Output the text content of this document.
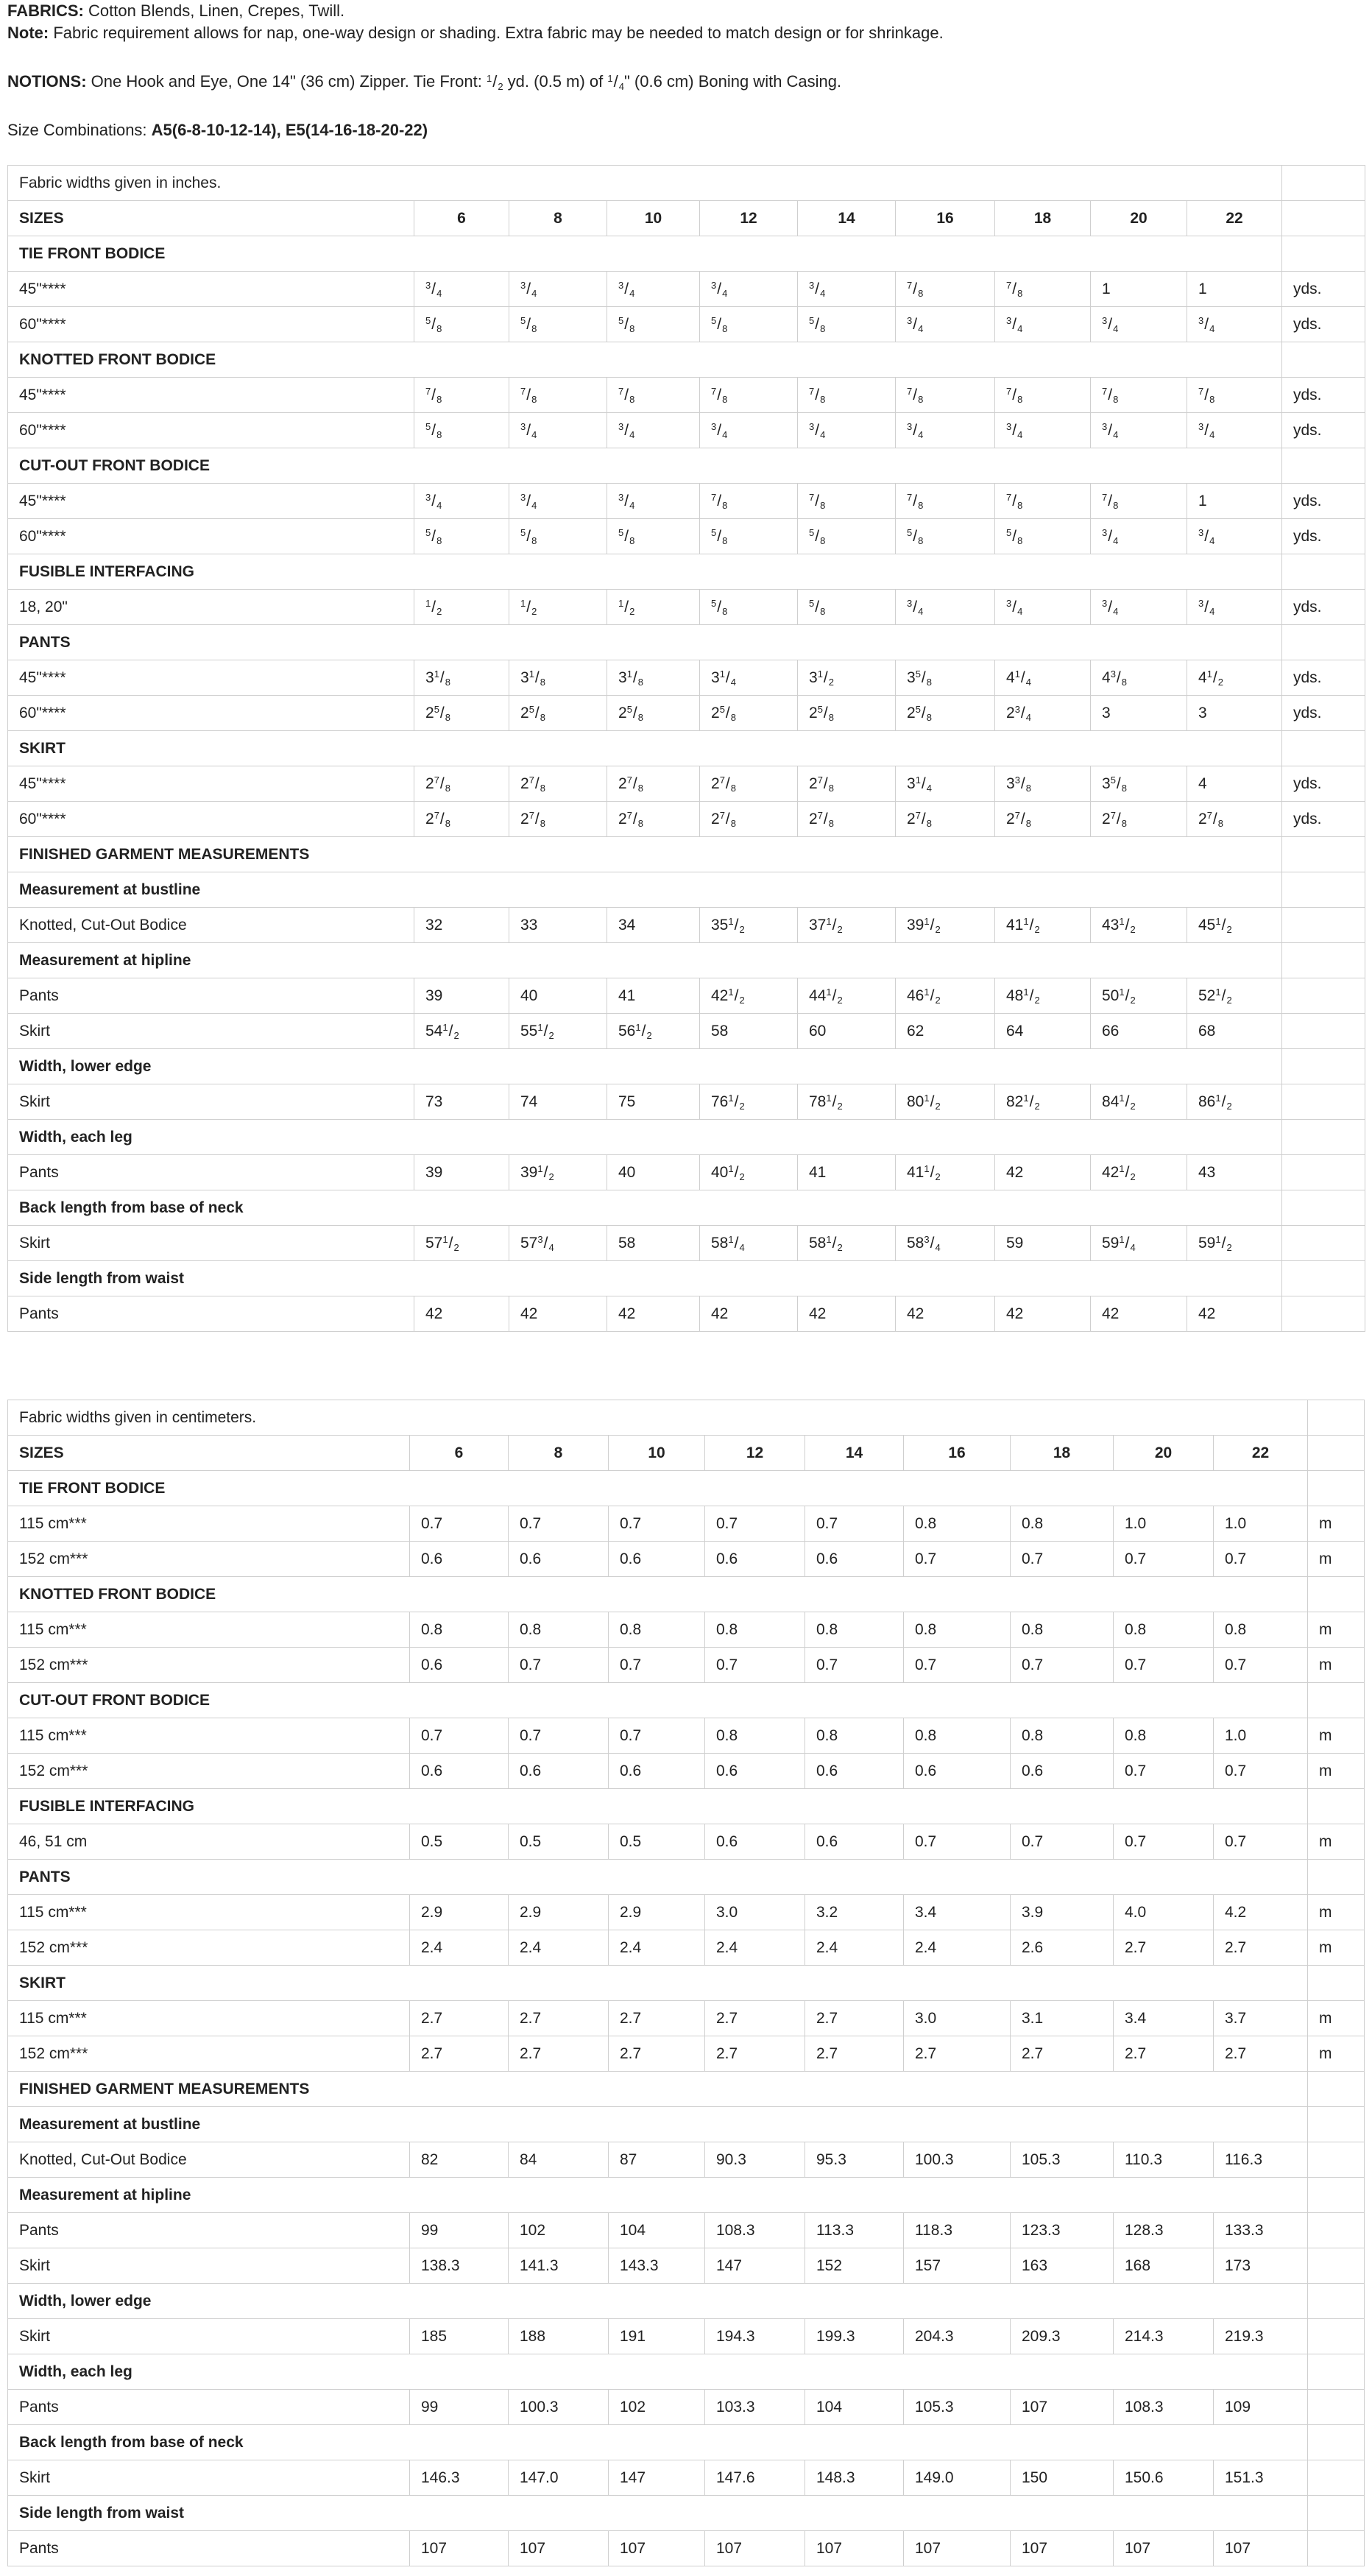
FABRICS: Cotton Blends, Linen, Crepes, Twill.

Note: Fabric requirement allows for nap, one-way design or shading. Extra fabric may be needed to match design or for shrinkage.

NOTIONS: One Hook and Eye, One 14" (36 cm) Zipper. Tie Front: $^1/_2$ yd. (0.5 m) of $^1/_4$" (0.6 cm) Boning with Casing.

Size Combinations: A5(6-8-10-12-14), E5(14-16-18-20-22)

Fabric widths given in inches.										
SIZES	6	8	10	12	14	16	18	20	22	
TIE FRONT BODICE										
45"****	$^3/_4$	$^3/_4$	$^3/_4$	$^3/_4$	$^3/_4$	$^7/_8$	$^7/_8$	1	1	yds.
60"****	$^5/_8$	$^5/_8$	$^5/_8$	$^5/_8$	$^5/_8$	$^3/_4$	$^3/_4$	$^3/_4$	$^3/_4$	yds.
KNOTTED FRONT BODICE										
45"****	$^7/_8$	$^7/_8$	$^7/_8$	$^7/_8$	$^7/_8$	$^7/_8$	$^7/_8$	$^7/_8$	$^7/_8$	yds.
60"****	$^5/_8$	$^3/_4$	$^3/_4$	$^3/_4$	$^3/_4$	$^3/_4$	$^3/_4$	$^3/_4$	$^3/_4$	yds.
CUT-OUT FRONT BODICE										
45"****	$^3/_4$	$^3/_4$	$^3/_4$	$^7/_8$	$^7/_8$	$^7/_8$	$^7/_8$	$^7/_8$	1	yds.
60"****	$^5/_8$	$^5/_8$	$^5/_8$	$^5/_8$	$^5/_8$	$^5/_8$	$^5/_8$	$^3/_4$	$^3/_4$	yds.
FUSIBLE INTERFACING										
18, 20"	$^1/_2$	$^1/_2$	$^1/_2$	$^5/_8$	$^5/_8$	$^3/_4$	$^3/_4$	$^3/_4$	$^3/_4$	yds.
PANTS										
45"****	$3^1/_8$	$3^1/_8$	$3^1/_8$	$3^1/_4$	$3^1/_2$	$3^5/_8$	$4^1/_4$	$4^3/_8$	$4^1/_2$	yds.
60"****	$2^5/_8$	$2^5/_8$	$2^5/_8$	$2^5/_8$	$2^5/_8$	$2^5/_8$	$2^3/_4$	3	3	yds.
SKIRT										
45"****	$2^7/_8$	$2^7/_8$	$2^7/_8$	$2^7/_8$	$2^7/_8$	$3^1/_4$	$3^3/_8$	$3^5/_8$	4	yds.
60"****	$2^7/_8$	$2^7/_8$	$2^7/_8$	$2^7/_8$	$2^7/_8$	$2^7/_8$	$2^7/_8$	$2^7/_8$	$2^7/_8$	yds.
FINISHED GARMENT MEASUREMENTS										
Measurement at bustline										
Knotted, Cut-Out Bodice	32	33	34	$35^1/_2$	$37^1/_2$	$39^1/_2$	$41^1/_2$	$43^1/_2$	$45^1/_2$	
Measurement at hipline										
Pants	39	40	41	$42^1/_2$	$44^1/_2$	$46^1/_2$	$48^1/_2$	$50^1/_2$	$52^1/_2$	
Skirt	$54^1/_2$	$55^1/_2$	$56^1/_2$	58	60	62	64	66	68	
Width, lower edge										
Skirt	73	74	75	$76^1/_2$	$78^1/_2$	$80^1/_2$	$82^1/_2$	$84^1/_2$	$86^1/_2$	
Width, each leg										
Pants	39	$39^1/_2$	40	$40^1/_2$	41	$41^1/_2$	42	$42^1/_2$	43	
Back length from base of neck										
Skirt	$57^1/_2$	$57^3/_4$	58	$58^1/_4$	$58^1/_2$	$58^3/_4$	59	$59^1/_4$	$59^1/_2$	
Side length from waist										
Pants	42	42	42	42	42	42	42	42	42	
Fabric widths given in centimeters.										
SIZES	6	8	10	12	14	16	18	20	22	
TIE FRONT BODICE										
115 cm***	0.7	0.7	0.7	0.7	0.7	0.8	0.8	1.0	1.0	m
152 cm***	0.6	0.6	0.6	0.6	0.6	0.7	0.7	0.7	0.7	m
KNOTTED FRONT BODICE										
115 cm***	0.8	0.8	0.8	0.8	0.8	0.8	0.8	0.8	0.8	m
152 cm***	0.6	0.7	0.7	0.7	0.7	0.7	0.7	0.7	0.7	m
CUT-OUT FRONT BODICE										
115 cm***	0.7	0.7	0.7	0.8	0.8	0.8	0.8	0.8	1.0	m
152 cm***	0.6	0.6	0.6	0.6	0.6	0.6	0.6	0.7	0.7	m
FUSIBLE INTERFACING										
46, 51 cm	0.5	0.5	0.5	0.6	0.6	0.7	0.7	0.7	0.7	m
PANTS										
115 cm***	2.9	2.9	2.9	3.0	3.2	3.4	3.9	4.0	4.2	m
152 cm***	2.4	2.4	2.4	2.4	2.4	2.4	2.6	2.7	2.7	m
SKIRT										
115 cm***	2.7	2.7	2.7	2.7	2.7	3.0	3.1	3.4	3.7	m
152 cm***	2.7	2.7	2.7	2.7	2.7	2.7	2.7	2.7	2.7	m
FINISHED GARMENT MEASUREMENTS										
Measurement at bustline										
Knotted, Cut-Out Bodice	82	84	87	90.3	95.3	100.3	105.3	110.3	116.3	
Measurement at hipline										
Pants	99	102	104	108.3	113.3	118.3	123.3	128.3	133.3	
Skirt	138.3	141.3	143.3	147	152	157	163	168	173	
Width, lower edge										
Skirt	185	188	191	194.3	199.3	204.3	209.3	214.3	219.3	
Width, each leg										
Pants	99	100.3	102	103.3	104	105.3	107	108.3	109	
Back length from base of neck										
Skirt	146.3	147.0	147	147.6	148.3	149.0	150	150.6	151.3	
Side length from waist										
Pants	107	107	107	107	107	107	107	107	107	
